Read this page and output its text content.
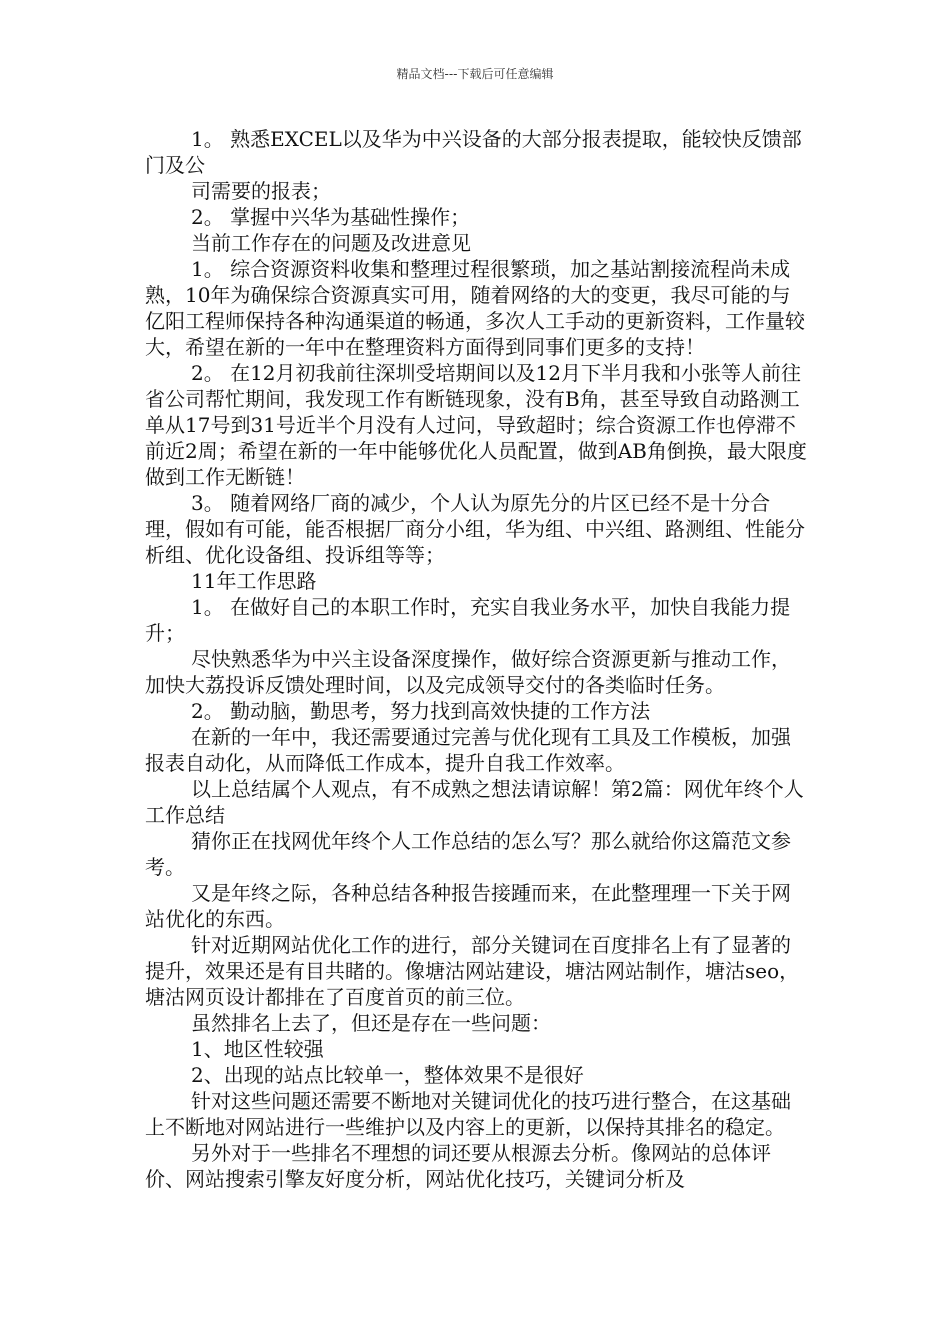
精品文档---下载后可任意编辑

1。 熟悉EXCEL以及华为中兴设备的大部分报表提取，能较快反馈部门及公

司需要的报表；

2。 掌握中兴华为基础性操作；

当前工作存在的问题及改进意见

1。 综合资源资料收集和整理过程很繁琐，加之基站割接流程尚未成熟，10年为确保综合资源真实可用，随着网络的大的变更，我尽可能的与亿阳工程师保持各种沟通渠道的畅通，多次人工手动的更新资料，工作量较大，希望在新的一年中在整理资料方面得到同事们更多的支持！

2。 在12月初我前往深圳受培期间以及12月下半月我和小张等人前往省公司帮忙期间，我发现工作有断链现象，没有B角，甚至导致自动路测工单从17号到31号近半个月没有人过问，导致超时；综合资源工作也停滞不前近2周；希望在新的一年中能够优化人员配置，做到AB角倒换，最大限度做到工作无断链！

3。 随着网络厂商的减少，个人认为原先分的片区已经不是十分合理，假如有可能，能否根据厂商分小组，华为组、中兴组、路测组、性能分析组、优化设备组、投诉组等等；

11年工作思路

1。 在做好自己的本职工作时，充实自我业务水平，加快自我能力提升；

尽快熟悉华为中兴主设备深度操作，做好综合资源更新与推动工作，加快大荔投诉反馈处理时间，以及完成领导交付的各类临时任务。

2。 勤动脑，勤思考，努力找到高效快捷的工作方法

在新的一年中，我还需要通过完善与优化现有工具及工作模板，加强报表自动化，从而降低工作成本，提升自我工作效率。

以上总结属个人观点，有不成熟之想法请谅解！第2篇：网优年终个人工作总结

猜你正在找网优年终个人工作总结的怎么写？那么就给你这篇范文参考。

又是年终之际，各种总结各种报告接踵而来，在此整理理一下关于网站优化的东西。

针对近期网站优化工作的进行，部分关键词在百度排名上有了显著的提升，效果还是有目共睹的。像塘沽网站建设，塘沽网站制作，塘沽seo，塘沽网页设计都排在了百度首页的前三位。

虽然排名上去了，但还是存在一些问题：

1、地区性较强

2、出现的站点比较单一，整体效果不是很好

针对这些问题还需要不断地对关键词优化的技巧进行整合，在这基础上不断地对网站进行一些维护以及内容上的更新，以保持其排名的稳定。

另外对于一些排名不理想的词还要从根源去分析。像网站的总体评价、网站搜索引擎友好度分析，网站优化技巧，关键词分析及
